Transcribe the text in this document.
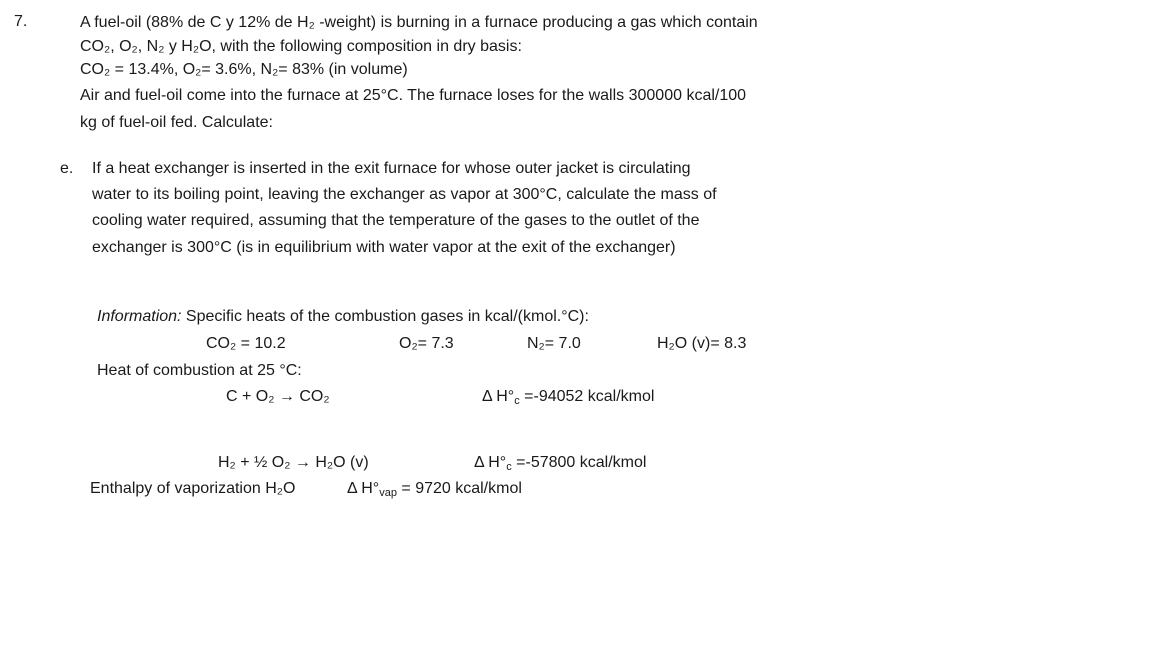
7.	A fuel-oil (88% de C y 12% de H₂ -weight) is burning in a furnace producing a gas which contain
CO₂, O₂, N₂ y H₂O, with the following composition in dry basis:
CO₂ = 13.4%, O₂= 3.6%, N₂= 83% (in volume)
Air and fuel-oil come into the furnace at 25°C. The furnace loses for the walls 300000 kcal/100
kg of fuel-oil fed. Calculate:
e. If a heat exchanger is inserted in the exit furnace for whose outer jacket is circulating
water to its boiling point, leaving the exchanger as vapor at 300°C, calculate the mass of
cooling water required, assuming that the temperature of the gases to the outlet of the
exchanger is 300°C (is in equilibrium with water vapor at the exit of the exchanger)
Information: Specific heats of the combustion gases in kcal/(kmol.°C):
CO₂ = 10.2	O₂= 7.3	N₂= 7.0	H₂O (v)= 8.3
Heat of combustion at 25 °C:
C + O₂ → CO₂	Δ $H^\circ_c =-94052$ kcal/kmol
H₂ + ½ O₂ → H₂O (v)	Δ $H^\circ_c =-57800$ kcal/kmol
Enthalpy of vaporization H₂O	Δ $H^\circ_{vap} = 9720$ kcal/kmol
